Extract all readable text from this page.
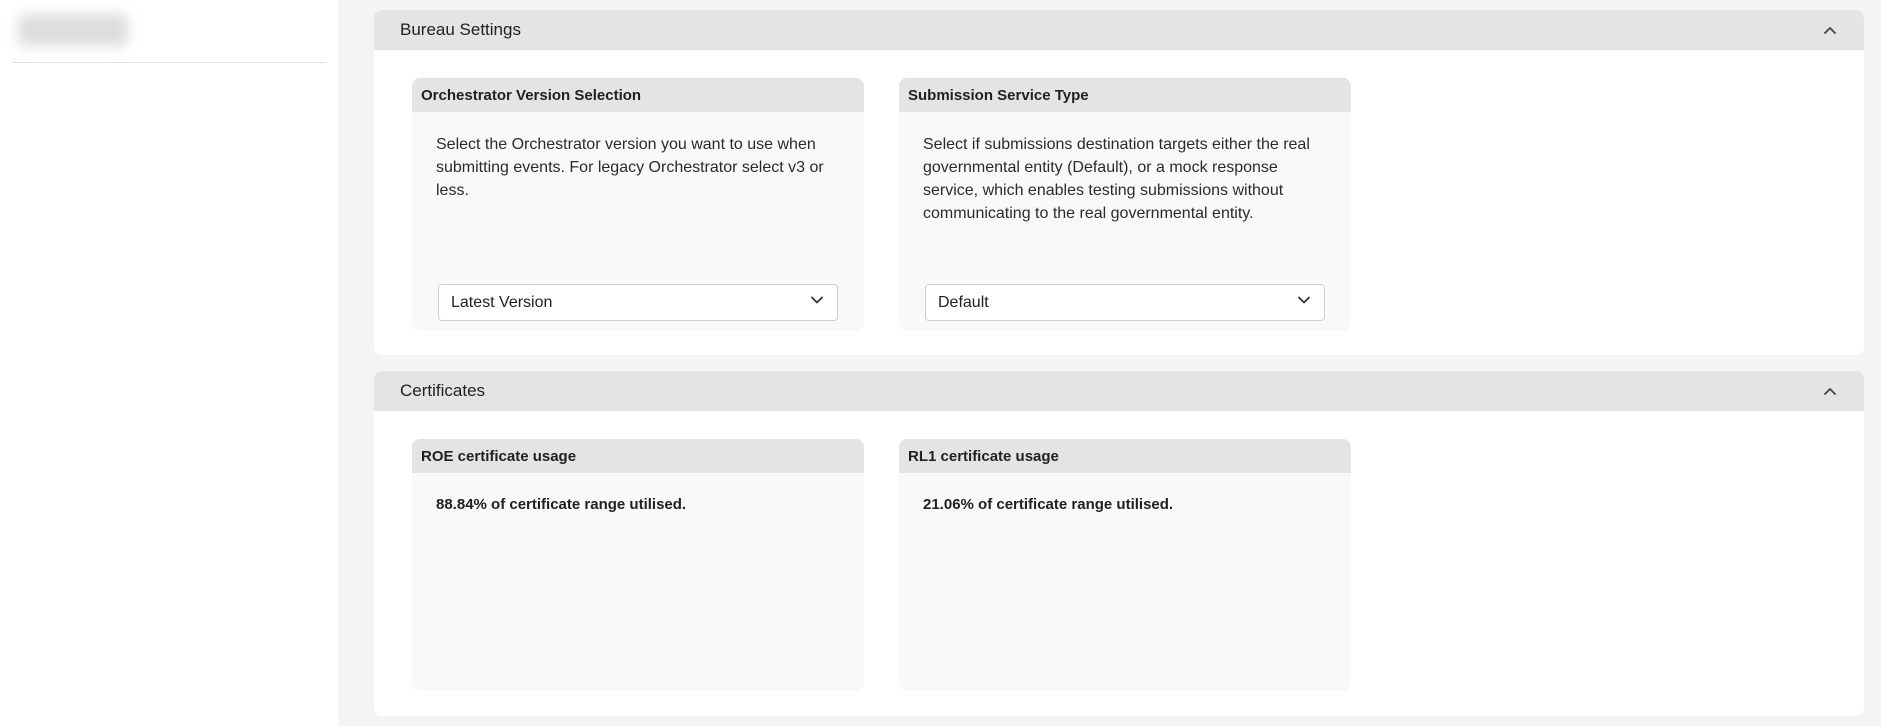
Bureau Settings
Orchestrator Version Selection
Select the Orchestrator version you want to use when submitting events. For legacy Orchestrator select v3 or less.
Latest Version
Submission Service Type
Select if submissions destination targets either the real governmental entity (Default), or a mock response service, which enables testing submissions without communicating to the real governmental entity.
Default
Certificates
ROE certificate usage
88.84% of certificate range utilised.
RL1 certificate usage
21.06% of certificate range utilised.
